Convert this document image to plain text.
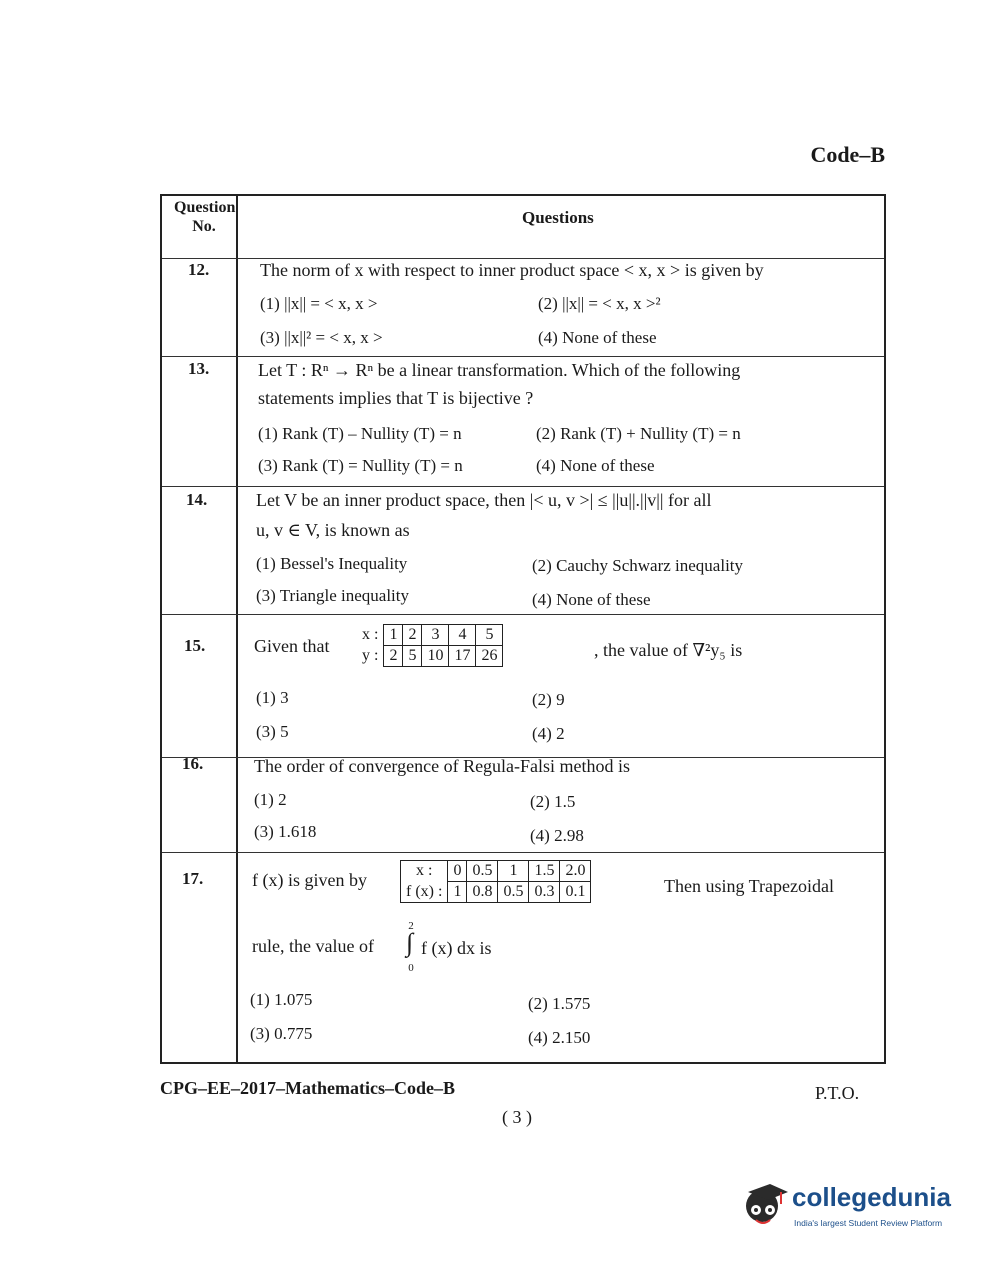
Code–B
Question
No.	Questions
12.	The norm of x with respect to inner product space < x, x > is given by
(1) ||x|| = < x, x >	(2) ||x|| = < x, x >²
(3) ||x||² = < x, x >	(4) None of these
13.	Let T : Rⁿ → Rⁿ be a linear transformation. Which of the following
statements implies that T is bijective ?
(1) Rank (T) – Nullity (T) = n	(2) Rank (T) + Nullity (T) = n
(3) Rank (T) = Nullity (T) = n	(4) None of these
14.	Let V be an inner product space, then |< u, v >| ≤ ||u||.||v|| for all
u, v ∈ V, is known as
(1) Bessel's Inequality	(2) Cauchy Schwarz inequality
(3) Triangle inequality	(4) None of these
15.	Given that
x :	1	2	3	4	5
y :	2	5	10	17	26	, the value of ∇²y₅ is
(1) 3	(2) 9
(3) 5	(4) 2
16.	The order of convergence of Regula-Falsi method is
(1) 2	(2) 1.5
(3) 1.618	(4) 2.98
17.	f (x) is given by	x :	0	0.5	1	1.5	2.0
f (x) :	1	0.8	0.5	0.3	0.1	Then using Trapezoidal
rule, the value of
2
∫
0
f (x) dx is
(1) 1.075	(2) 1.575
(3) 0.775	(4) 2.150
CPG–EE–2017–Mathematics–Code–B	P.T.O.
( 3 )
collegedunia
India's largest Student Review Platform
